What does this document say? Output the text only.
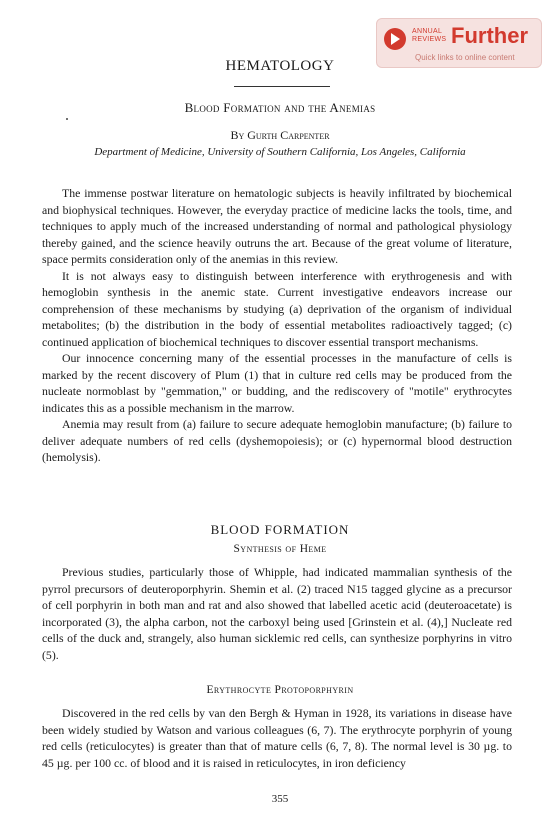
ANNUAL REVIEWS Further
Quick links to online content
HEMATOLOGY
Blood Formation and the Anemias
By Gurth Carpenter
Department of Medicine, University of Southern California, Los Angeles, California

The immense postwar literature on hematologic subjects is heavily infiltrated by biochemical and biophysical techniques. However, the everyday practice of medicine lacks the tools, time, and techniques to apply much of the increased understanding of normal and pathological physiology thereby gained, and the science heavily outruns the art. Because of the great volume of literature, space permits consideration only of the anemias in this review.

It is not always easy to distinguish between interference with erythrogenesis and with hemoglobin synthesis in the anemic state. Current investigative endeavors increase our comprehension of these mechanisms by studying (a) deprivation of the organism of individual metabolites; (b) the distribution in the body of essential metabolites radioactively tagged; (c) continued application of biochemical techniques to discover essential transport mechanisms.

Our innocence concerning many of the essential processes in the manufacture of cells is marked by the recent discovery of Plum (1) that in culture red cells may be produced from the nucleate normoblast by "gemmation," or budding, and the rediscovery of "motile" erythrocytes indicates this as a possible mechanism in the marrow.

Anemia may result from (a) failure to secure adequate hemoglobin manufacture; (b) failure to deliver adequate numbers of red cells (dyshemopoiesis); or (c) hypernormal blood destruction (hemolysis).

BLOOD FORMATION
Synthesis of Heme

Previous studies, particularly those of Whipple, had indicated mammalian synthesis of the pyrrol precursors of deuteroporphyrin. Shemin et al. (2) traced N15 tagged glycine as a precursor of cell porphyrin in both man and rat and also showed that labelled acetic acid (deuteroacetate) is incorporated (3), the alpha carbon, not the carboxyl being used [Grinstein et al. (4),] Nucleate red cells of the duck and, strangely, also human sicklemic red cells, can synthesize porphyrins in vitro (5).

Erythrocyte Protoporphyrin

Discovered in the red cells by van den Bergh & Hyman in 1928, its variations in disease have been widely studied by Watson and various colleagues (6, 7). The erythrocyte porphyrin of young red cells (reticulocytes) is greater than that of mature cells (6, 7, 8). The normal level is 30 µg. to 45 µg. per 100 cc. of blood and it is raised in reticulocytes, in iron deficiency

355
